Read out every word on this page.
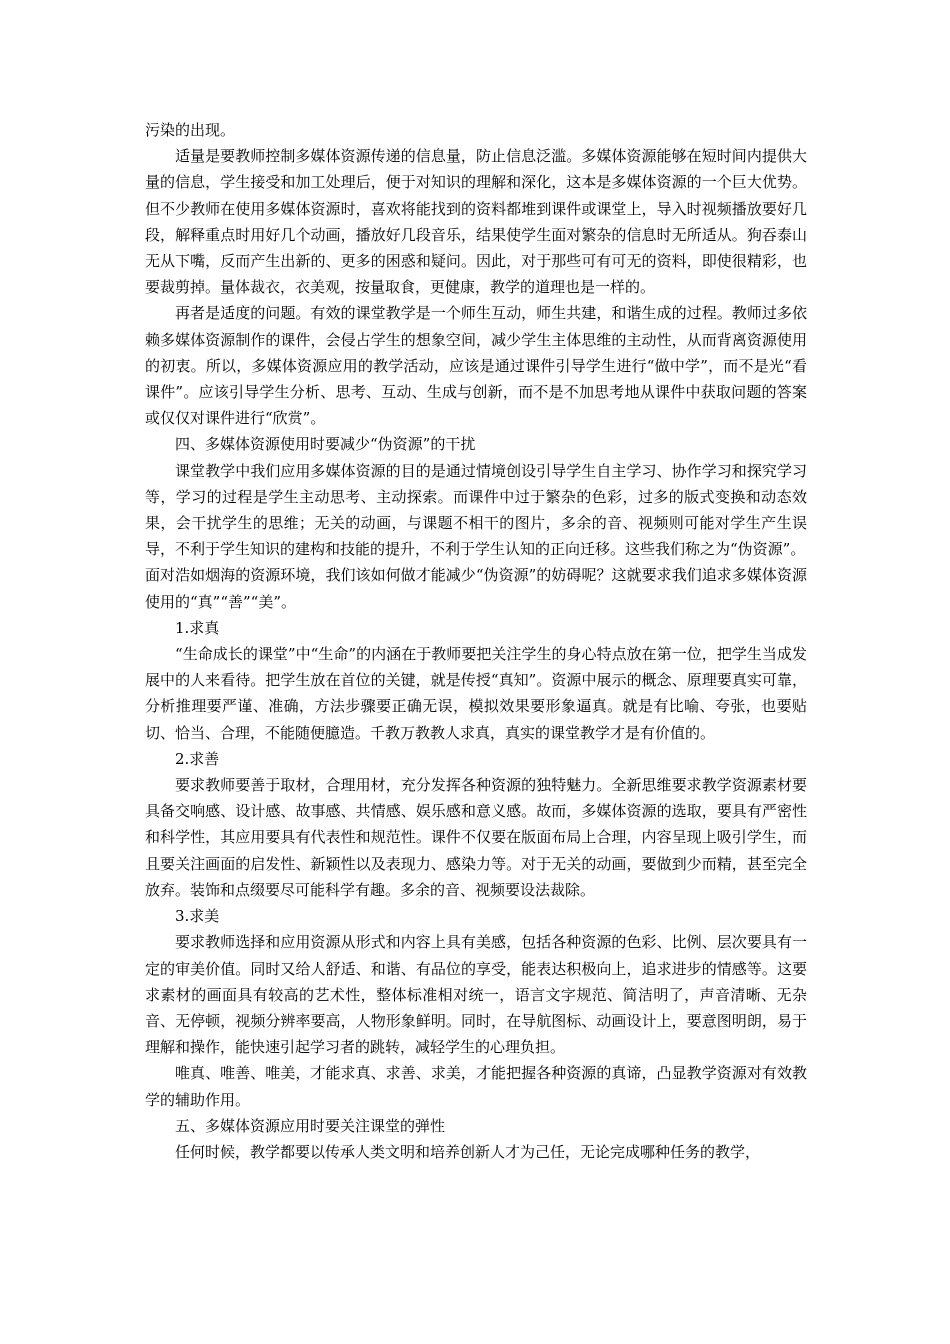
污染的出现。

适量是要教师控制多媒体资源传递的信息量，防止信息泛滥。多媒体资源能够在短时间内提供大量的信息，学生接受和加工处理后，便于对知识的理解和深化，这本是多媒体资源的一个巨大优势。但不少教师在使用多媒体资源时，喜欢将能找到的资料都堆到课件或课堂上，导入时视频播放要好几段，解释重点时用好几个动画，播放好几段音乐，结果使学生面对繁杂的信息时无所适从。狗吞泰山无从下嘴，反而产生出新的、更多的困惑和疑问。因此，对于那些可有可无的资料，即使很精彩，也要裁剪掉。量体裁衣，衣美观，按量取食，更健康，教学的道理也是一样的。

再者是适度的问题。有效的课堂教学是一个师生互动，师生共建，和谐生成的过程。教师过多依赖多媒体资源制作的课件，会侵占学生的想象空间，减少学生主体思维的主动性，从而背离资源使用的初衷。所以，多媒体资源应用的教学活动，应该是通过课件引导学生进行“做中学”，而不是光“看课件”。应该引导学生分析、思考、互动、生成与创新，而不是不加思考地从课件中获取问题的答案或仅仅对课件进行“欣赏”。

四、多媒体资源使用时要减少“伪资源”的干扰

课堂教学中我们应用多媒体资源的目的是通过情境创设引导学生自主学习、协作学习和探究学习等，学习的过程是学生主动思考、主动探索。而课件中过于繁杂的色彩，过多的版式变换和动态效果，会干扰学生的思维；无关的动画，与课题不相干的图片，多余的音、视频则可能对学生产生误导，不利于学生知识的建构和技能的提升，不利于学生认知的正向迁移。这些我们称之为“伪资源”。

面对浩如烟海的资源环境，我们该如何做才能减少“伪资源”的妨碍呢？这就要求我们追求多媒体资源使用的“真”“善”“美”。

1.求真

“生命成长的课堂”中“生命”的内涵在于教师要把关注学生的身心特点放在第一位，把学生当成发展中的人来看待。把学生放在首位的关键，就是传授“真知”。资源中展示的概念、原理要真实可靠，分析推理要严谨、准确，方法步骤要正确无误，模拟效果要形象逼真。就是有比喻、夸张，也要贴切、恰当、合理，不能随便臆造。千教万教教人求真，真实的课堂教学才是有价值的。

2.求善

要求教师要善于取材，合理用材，充分发挥各种资源的独特魅力。全新思维要求教学资源素材要具备交响感、设计感、故事感、共情感、娱乐感和意义感。故而，多媒体资源的选取，要具有严密性和科学性，其应用要具有代表性和规范性。课件不仅要在版面布局上合理，内容呈现上吸引学生，而且要关注画面的启发性、新颖性以及表现力、感染力等。对于无关的动画，要做到少而精，甚至完全放弃。装饰和点缀要尽可能科学有趣。多余的音、视频要设法裁除。

3.求美

要求教师选择和应用资源从形式和内容上具有美感，包括各种资源的色彩、比例、层次要具有一定的审美价值。同时又给人舒适、和谐、有品位的享受，能表达积极向上，追求进步的情感等。这要求素材的画面具有较高的艺术性，整体标准相对统一，语言文字规范、简洁明了，声音清晰、无杂音、无停顿，视频分辨率要高，人物形象鲜明。同时，在导航图标、动画设计上，要意图明朗，易于理解和操作，能快速引起学习者的跳转，减轻学生的心理负担。

唯真、唯善、唯美，才能求真、求善、求美，才能把握各种资源的真谛，凸显教学资源对有效教学的辅助作用。

五、多媒体资源应用时要关注课堂的弹性

任何时候，教学都要以传承人类文明和培养创新人才为己任，无论完成哪种任务的教学，
